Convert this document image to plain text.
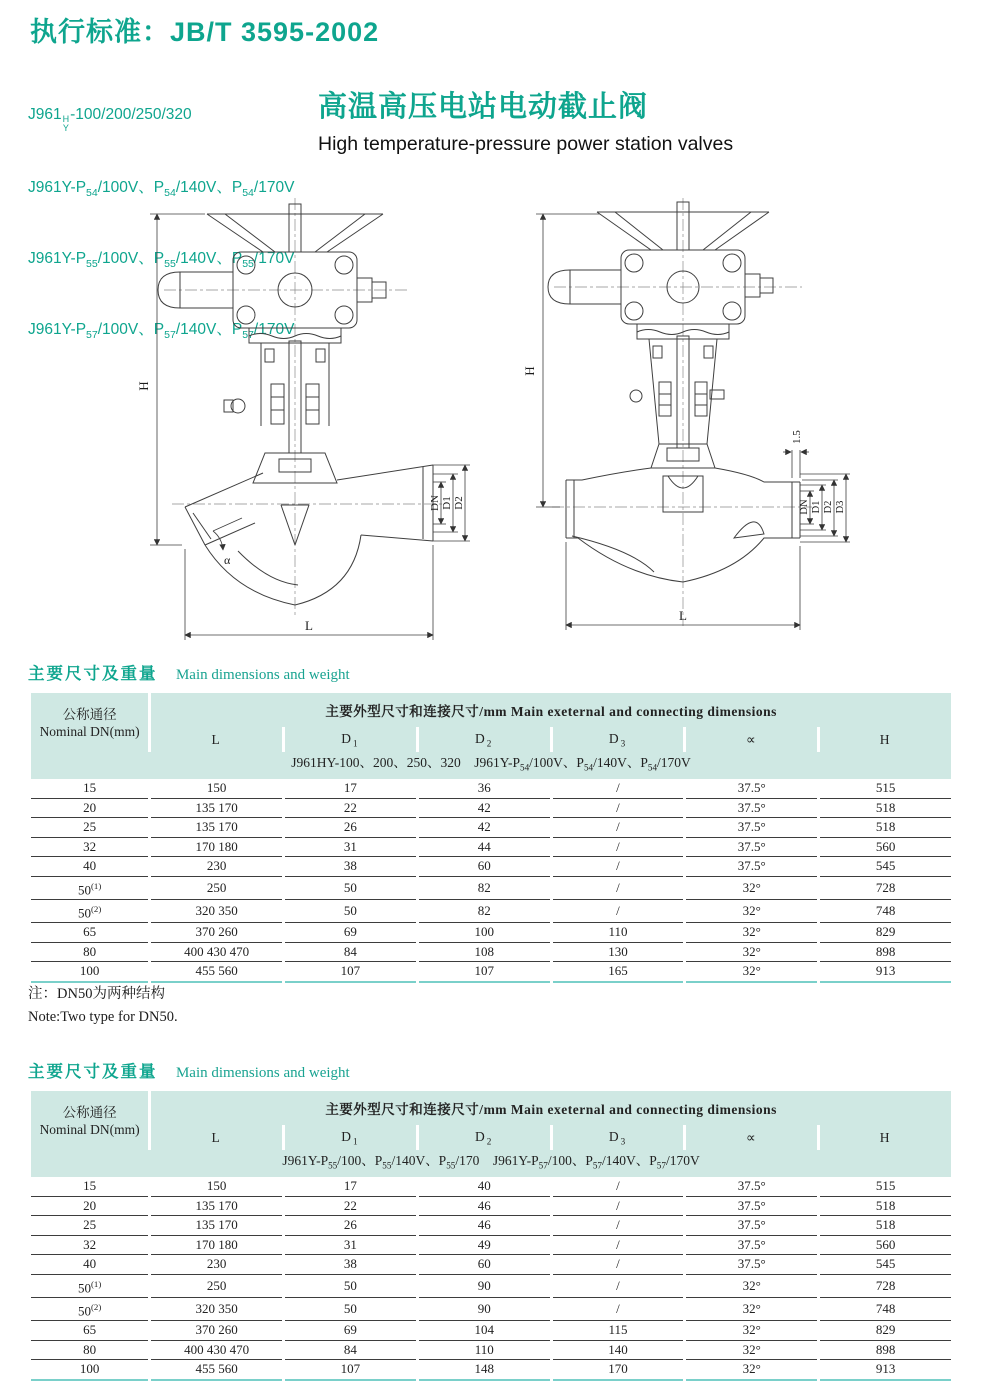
执行标准：JB/T 3595-2002

J961 H
Y
-100/200/250/320

$J961Y-P_{54}/100V$、$P_{54}/140V$、$P_{54}/170V$

$J961Y-P_{55}/100V$、$P_{55}/140V$、$P_{55}/170V$

$J961Y-P_{57}/100V$、$P_{57}/140V$、$P_{57}/170V$

高温高压电站电动截止阀
High temperature-pressure power station valves
H
DN D1 D2
α
L
H
1.5
DN D1 D2 D3
L
主要尺寸及重量 Main dimensions and weight
公称通径
Nominal DN(mm)	主要外型尺寸和连接尺寸/mm Main exeternal and connecting dimensions					
	L	$D_1$	$D_2$	$D_3$	∝	H
J961HY-100、200、250、320    $J961Y-P_{54}/100V$、$P_{54}/140V$、$P_{54}/170V$						
15	150	17	36	/	37.5°	515
20	135 170	22	42	/	37.5°	518
25	135 170	26	42	/	37.5°	518
32	170 180	31	44	/	37.5°	560
40	230	38	60	/	37.5°	545
50$^{(1)}$	250	50	82	/	32°	728
50$^{(2)}$	320 350	50	82	/	32°	748
65	370 260	69	100	110	32°	829
80	400 430 470	84	108	130	32°	898
100	455 560	107	107	165	32°	913
注：DN50为两种结构
Note:Two type for DN50.
主要尺寸及重量 Main dimensions and weight
公称通径
Nominal DN(mm)	主要外型尺寸和连接尺寸/mm Main exeternal and connecting dimensions					
	L	$D_1$	$D_2$	$D_3$	∝	H
$J961Y-P_{55}/100$、$P_{55}/140V$、$P_{55}/170$    $J961Y-P_{57}/100$、$P_{57}/140V$、$P_{57}/170V$						
15	150	17	40	/	37.5°	515
20	135 170	22	46	/	37.5°	518
25	135 170	26	46	/	37.5°	518
32	170 180	31	49	/	37.5°	560
40	230	38	60	/	37.5°	545
50$^{(1)}$	250	50	90	/	32°	728
50$^{(2)}$	320 350	50	90	/	32°	748
65	370 260	69	104	115	32°	829
80	400 430 470	84	110	140	32°	898
100	455 560	107	148	170	32°	913
